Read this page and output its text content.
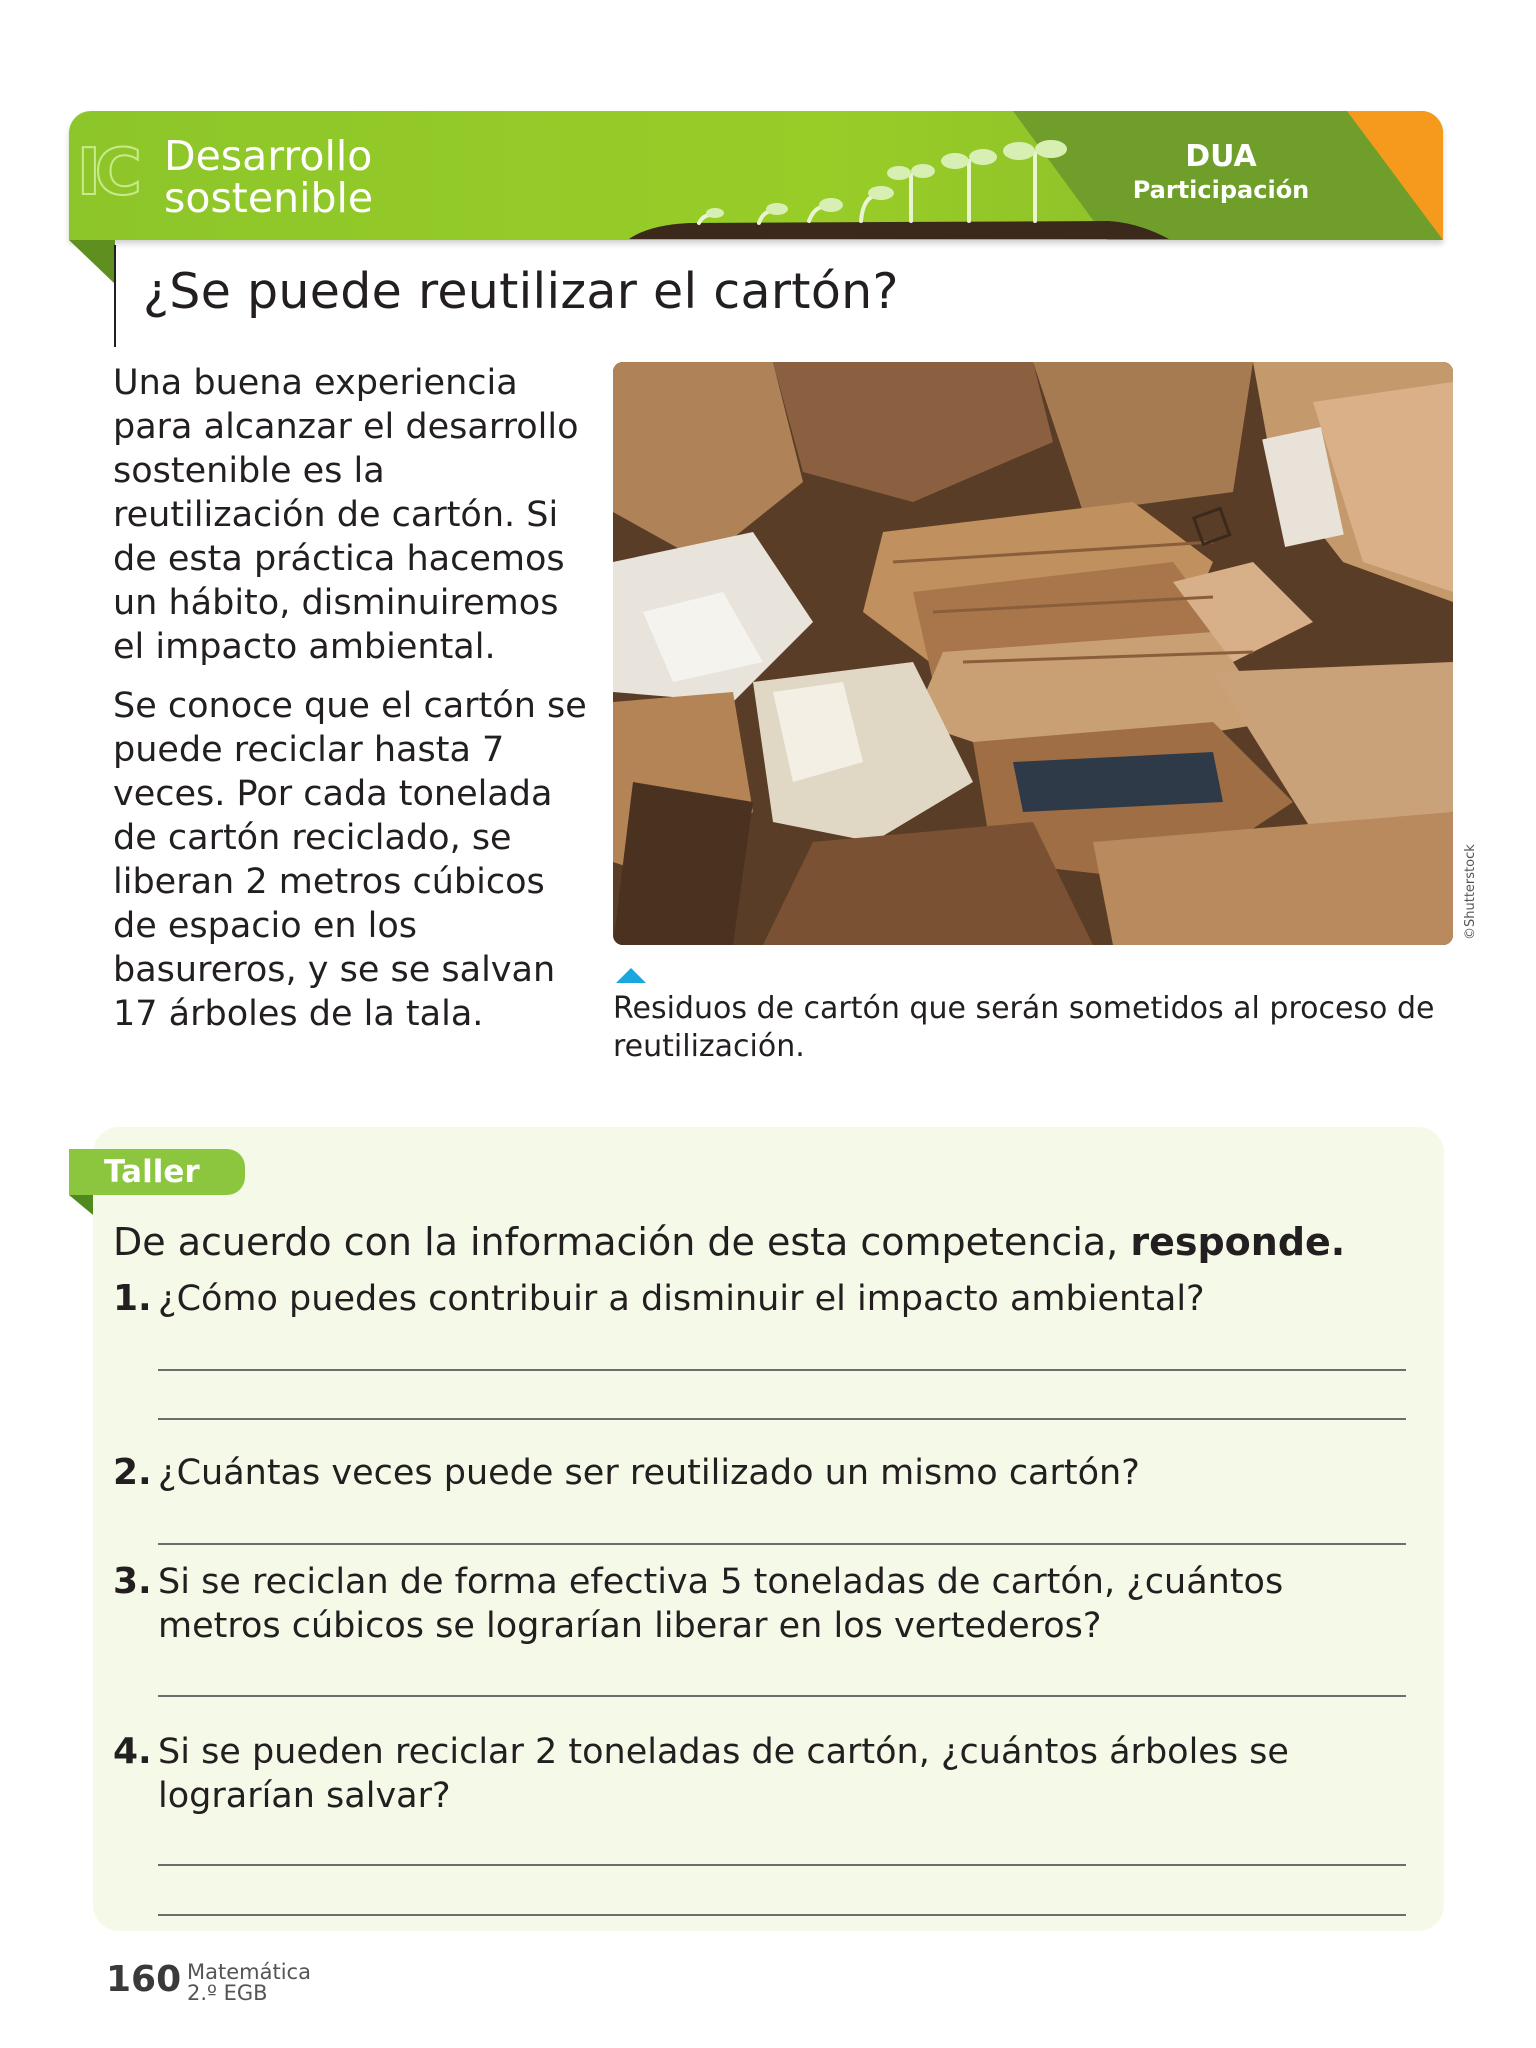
IC Desarrollo
sostenible
DUA
Participación
¿Se puede reutilizar el cartón?

Una buena experiencia para alcanzar el desarrollo sostenible es la reutilización de cartón. Si de esta práctica hacemos un hábito, disminuiremos el impacto ambiental.

Se conoce que el cartón se puede reciclar hasta 7 veces. Por cada tonelada de cartón reciclado, se liberan 2 metros cúbicos de espacio en los basureros, y se se salvan 17 árboles de la tala.

©Shutterstock
Residuos de cartón que serán sometidos al proceso de reutilización.
Taller
De acuerdo con la información de esta competencia, responde.
1. ¿Cómo puedes contribuir a disminuir el impacto ambiental?
2. ¿Cuántas veces puede ser reutilizado un mismo cartón?
3. Si se reciclan de forma efectiva 5 toneladas de cartón, ¿cuántos metros cúbicos se lograrían liberar en los vertederos?
4. Si se pueden reciclar 2 toneladas de cartón, ¿cuántos árboles se lograrían salvar?
160 Matemática
2.º EGB
